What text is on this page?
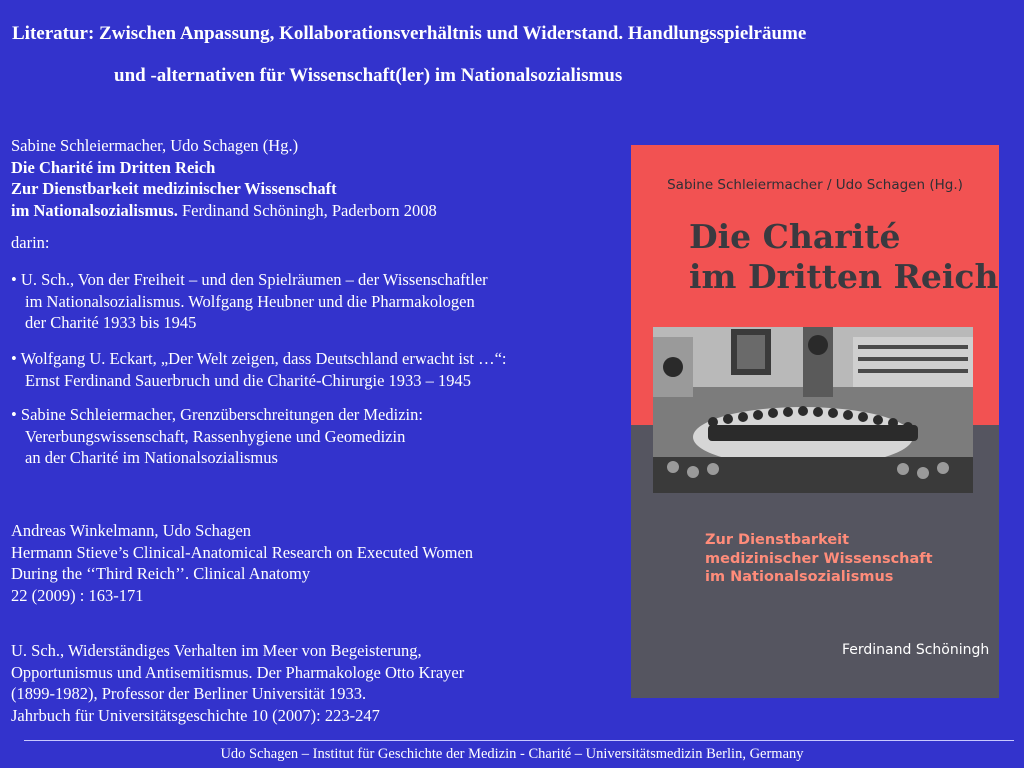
Literatur: Zwischen Anpassung, Kollaborationsverhältnis und Widerstand. Handlungsspielräume
und -alternativen für Wissenschaft(ler) im Nationalsozialismus
Sabine Schleiermacher, Udo Schagen (Hg.)
Die Charité im Dritten Reich
Zur Dienstbarkeit medizinischer Wissenschaft
im Nationalsozialismus. Ferdinand Schöningh, Paderborn 2008
darin:
• U. Sch., Von der Freiheit – und den Spielräumen – der Wissenschaftler
im Nationalsozialismus. Wolfgang Heubner und die Pharmakologen
der Charité 1933 bis 1945
• Wolfgang U. Eckart, „Der Welt zeigen, dass Deutschland erwacht ist …“:
Ernst Ferdinand Sauerbruch und die Charité-Chirurgie 1933 – 1945
• Sabine Schleiermacher, Grenzüberschreitungen der Medizin:
Vererbungswissenschaft, Rassenhygiene und Geomedizin
an der Charité im Nationalsozialismus
Andreas Winkelmann, Udo Schagen
Hermann Stieve’s Clinical-Anatomical Research on Executed Women
During the ‘‘Third Reich’’. Clinical Anatomy
22 (2009) : 163-171
U. Sch., Widerständiges Verhalten im Meer von Begeisterung,
Opportunismus und Antisemitismus. Der Pharmakologe Otto Krayer
(1899-1982), Professor der Berliner Universität 1933.
Jahrbuch für Universitätsgeschichte 10 (2007): 223-247
Sabine Schleiermacher / Udo Schagen (Hg.)
Die Charité
im Dritten Reich
Zur Dienstbarkeit
medizinischer Wissenschaft
im Nationalsozialismus
Ferdinand Schöningh
Udo Schagen – Institut für Geschichte der Medizin - Charité – Universitätsmedizin Berlin, Germany
